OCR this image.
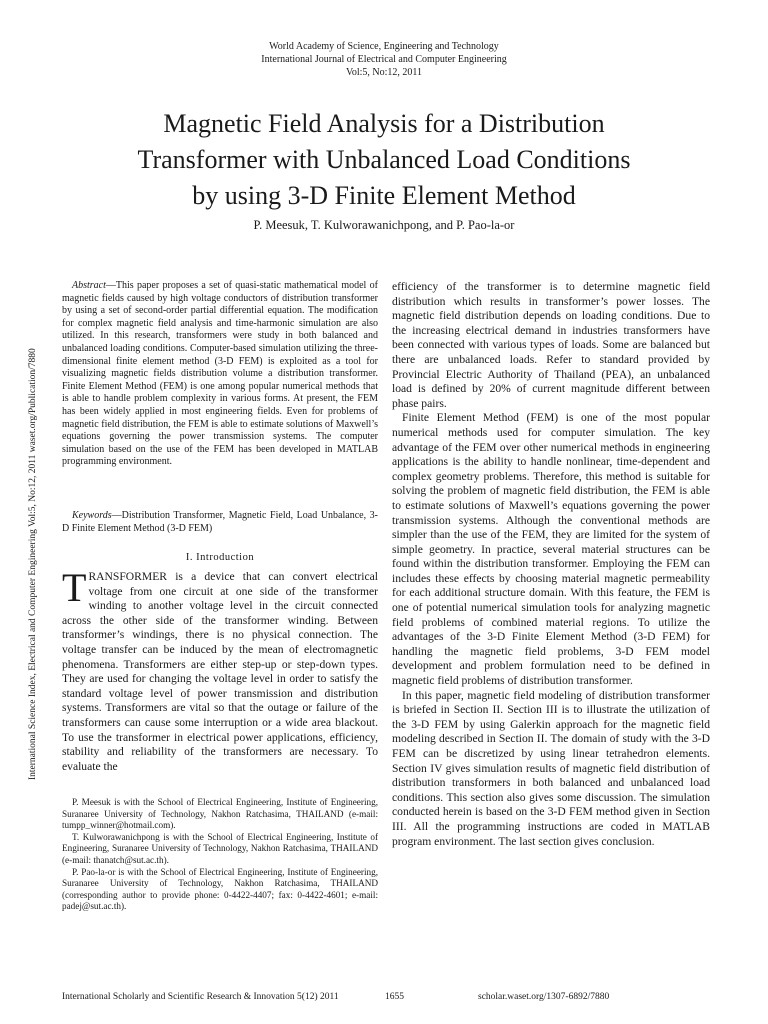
World Academy of Science, Engineering and Technology
International Journal of Electrical and Computer Engineering
Vol:5, No:12, 2011
Magnetic Field Analysis for a Distribution
Transformer with Unbalanced Load Conditions
by using 3-D Finite Element Method
P. Meesuk, T. Kulworawanichpong, and P. Pao-la-or
International Science Index, Electrical and Computer Engineering Vol:5, No:12, 2011 waset.org/Publication/7880

Abstract—This paper proposes a set of quasi-static mathematical model of magnetic fields caused by high voltage conductors of distribution transformer by using a set of second-order partial differential equation. The modification for complex magnetic field analysis and time-harmonic simulation are also utilized. In this research, transformers were study in both balanced and unbalanced loading conditions. Computer-based simulation utilizing the three-dimensional finite element method (3-D FEM) is exploited as a tool for visualizing magnetic fields distribution volume a distribution transformer. Finite Element Method (FEM) is one among popular numerical methods that is able to handle problem complexity in various forms. At present, the FEM has been widely applied in most engineering fields. Even for problems of magnetic field distribution, the FEM is able to estimate solutions of Maxwell’s equations governing the power transmission systems. The computer simulation based on the use of the FEM has been developed in MATLAB programming environment.

Keywords—Distribution Transformer, Magnetic Field, Load Unbalance, 3-D Finite Element Method (3-D FEM)

I. Introduction

TRANSFORMER is a device that can convert electrical voltage from one circuit at one side of the transformer winding to another voltage level in the circuit connected across the other side of the transformer winding. Between transformer’s windings, there is no physical connection. The voltage transfer can be induced by the mean of electromagnetic phenomena. Transformers are either step-up or step-down types. They are used for changing the voltage level in order to satisfy the standard voltage level of power transmission and distribution systems. Transformers are vital so that the outage or failure of the transformers can cause some interruption or a wide area blackout. To use the transformer in electrical power applications, efficiency, stability and reliability of the transformers are necessary. To evaluate the

P. Meesuk is with the School of Electrical Engineering, Institute of Engineering, Suranaree University of Technology, Nakhon Ratchasima, THAILAND (e-mail: tumpp_winner@hotmail.com).

T. Kulworawanichpong is with the School of Electrical Engineering, Institute of Engineering, Suranaree University of Technology, Nakhon Ratchasima, THAILAND (e-mail: thanatch@sut.ac.th).

P. Pao-la-or is with the School of Electrical Engineering, Institute of Engineering, Suranaree University of Technology, Nakhon Ratchasima, THAILAND (corresponding author to provide phone: 0-4422-4407; fax: 0-4422-4601; e-mail: padej@sut.ac.th).

efficiency of the transformer is to determine magnetic field distribution which results in transformer’s power losses. The magnetic field distribution depends on loading conditions. Due to the increasing electrical demand in industries transformers have been connected with various types of loads. Some are balanced but there are unbalanced loads. Refer to standard provided by Provincial Electric Authority of Thailand (PEA), an unbalanced load is defined by 20% of current magnitude different between phase pairs.

Finite Element Method (FEM) is one of the most popular numerical methods used for computer simulation. The key advantage of the FEM over other numerical methods in engineering applications is the ability to handle nonlinear, time-dependent and complex geometry problems. Therefore, this method is suitable for solving the problem of magnetic field distribution, the FEM is able to estimate solutions of Maxwell’s equations governing the power transmission systems. Although the conventional methods are simpler than the use of the FEM, they are limited for the system of simple geometry. In practice, several material structures can be found within the distribution transformer. Employing the FEM can includes these effects by choosing material magnetic permeability for each additional structure domain. With this feature, the FEM is one of potential numerical simulation tools for analyzing magnetic field problems of combined material regions. To utilize the advantages of the 3-D Finite Element Method (3-D FEM) for handling the magnetic field problems, 3-D FEM model development and problem formulation need to be defined in magnetic field problems of distribution transformer.

In this paper, magnetic field modeling of distribution transformer is briefed in Section II. Section III is to illustrate the utilization of the 3-D FEM by using Galerkin approach for the magnetic field modeling described in Section II. The domain of study with the 3-D FEM can be discretized by using linear tetrahedron elements. Section IV gives simulation results of magnetic field distribution of distribution transformers in both balanced and unbalanced load conditions. This section also gives some discussion. The simulation conducted herein is based on the 3-D FEM method given in Section III. All the programming instructions are coded in MATLAB program environment. The last section gives conclusion.

International Scholarly and Scientific Research & Innovation 5(12) 2011	1655	scholar.waset.org/1307-6892/7880
